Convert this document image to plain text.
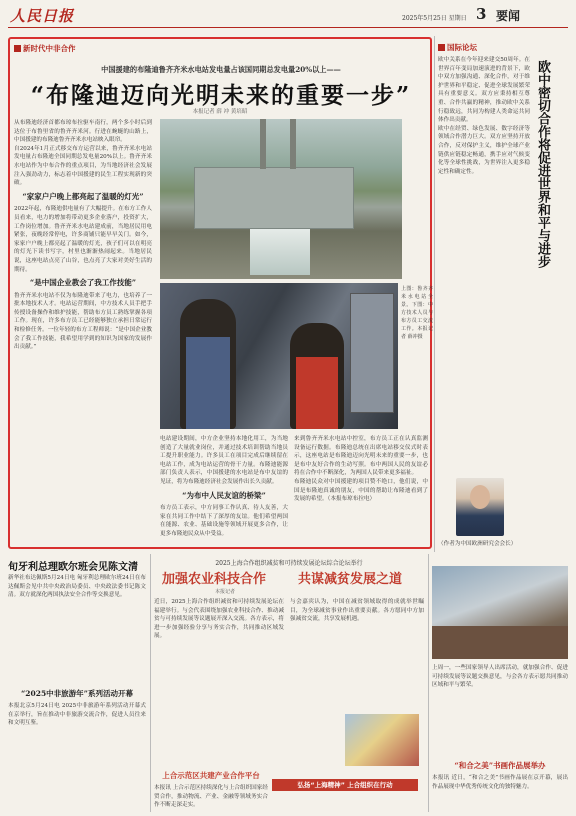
人民日报	2025年5月25日 星期日 3 要闻
新时代中非合作
中国援建的布隆迪鲁齐齐米水电站发电量占该国同期总发电量20%以上——
“布隆迪迈向光明未来的重要一步”
本报记者 薛 冲 黄培昭

从布隆迪经济首都布琼布拉驱车南行，两个多小时后到达位于布鲁里省的鲁齐齐米河。行进在蜿蜒的山路上，中国援建的布隆迪鲁齐齐米水电站映入眼帘。

自2024年1月正式移交布方运营以来，鲁齐齐米水电站发电量占布隆迪全国同期总发电量20%以上。鲁齐齐米水电站作为中布合作的重点项目，为当地经济社会发展注入强劲动力，标志着中国援建的民生工程实现新的突破。

“家家户户晚上都亮起了温暖的灯光”

2022年起，布隆迪供电量有了大幅提升。在布方工作人员看来，电力的增加将带动更多企业落户，投资扩大，工作岗位增加。鲁齐齐米水电站建成前，当地居民用电紧张，夜晚经常停电，许多商铺只能早早关门。如今，家家户户晚上都亮起了温暖的灯光，孩子们可以在明亮的灯光下读书写字，村里也渐渐热闹起来。当地居民说，这座电站点亮了山谷，也点亮了大家对美好生活的期待。

“是中国企业教会了我工作技能”

鲁齐齐米水电站不仅为布隆迪带来了电力，也培养了一批本地技术人才。电站运营期间，中方技术人员手把手传授设备操作和维护技能，帮助布方员工熟练掌握各项工作。现在，许多布方员工已经能够独立承担日常运行和检修任务。一位年轻的布方工程师说：“是中国企业教会了我工作技能，我希望用学到的知识为国家的发展作出贡献。”

上图：鲁齐齐米水电站全景。下图：中方技术人员与布方员工交流工作。本报记者 薛冲摄

电站建设期间，中方企业坚持本地化用工，为当地创造了大量就业岗位，并通过技术培训帮助当地员工提升职业能力。许多员工在项目完成后继续留在电站工作，成为电站运营的骨干力量。布隆迪能源部门负责人表示，中国援建的水电站是布中友谊的见证，将为布隆迪经济社会发展作出长久贡献。

“为布中人民友谊的桥梁”

布方员工表示，中方同事工作认真、待人友善，大家在共同工作中结下了深厚的友谊。他们希望两国在能源、农业、基础设施等领域开展更多合作，让更多布隆迪民众从中受益。

来到鲁齐齐米水电站中控室，布方员工正在认真监测设备运行数据。布隆迪总统在出席电站移交仪式时表示，这座电站是布隆迪迈向光明未来的重要一步，也是布中友好合作的生动写照。布中两国人民的友谊必将在合作中不断深化，为两国人民带来更多福祉。

布隆迪民众对中国援建的项目赞不绝口，他们说，中国是布隆迪真诚的朋友，中国的帮助让布隆迪看到了发展的希望。（本报布琼布拉电）

国际论坛
欧中密切合作将促进世界和平与进步

欧中关系在今年迎来建交50周年。在世界百年变局加速演进的背景下，欧中双方加强沟通、深化合作，对于维护世界和平稳定、促进全球发展繁荣具有重要意义。双方应秉持相互尊重、合作共赢的精神，推动欧中关系行稳致远，共同为构建人类命运共同体作出贡献。

欧中在经贸、绿色发展、数字经济等领域合作潜力巨大。双方应坚持开放合作，反对保护主义，维护全球产业链供应链稳定畅通，携手应对气候变化等全球性挑战，为世界注入更多稳定性和确定性。

（作者为中国欧洲研究会会长）
旬牙利总理欧尔班会见陈文清
新华社布达佩斯5月24日电 匈牙利总理欧尔班24日在布达佩斯会见中共中央政治局委员、中央政法委书记陈文清。双方就深化两国执法安全合作等交换意见。
“2025中非旅游年”系列活动开幕
本报北京5月24日电 2025中非旅游年系列活动开幕式在京举行，旨在推动中非旅游交流合作，促进人员往来和文明互鉴。
2025上海合作组织减贫和可持续发展论坛综合论坛举行
加强农业科技合作 共谋减贫发展之道
本报记者
近日，2025上海合作组织减贫和可持续发展论坛在福建举行。与会代表围绕加强农业科技合作、推动减贫与可持续发展等议题展开深入交流。各方表示，将进一步加强经验分享与务实合作，共同推动区域发展。
与会嘉宾认为，中国在减贫领域取得的成就举世瞩目，为全球减贫事业作出重要贡献。各方愿同中方加强减贫交流，共享发展机遇。
上合示范区共建产业合作平台
本报讯 上合示范区持续深化与上合组织国家经贸合作，推动物流、产业、金融等领域务实合作不断走深走实。
弘扬“上海精神” 上合组织在行动
上周一，一些国家领导人出席活动，就加强合作、促进可持续发展等议题交换意见，与会各方表示愿共同推动区域和平与繁荣。
“和合之美”书画作品展举办
本报讯 近日，“和合之美”书画作品展在京开幕，展出作品展现中华优秀传统文化的独特魅力。
